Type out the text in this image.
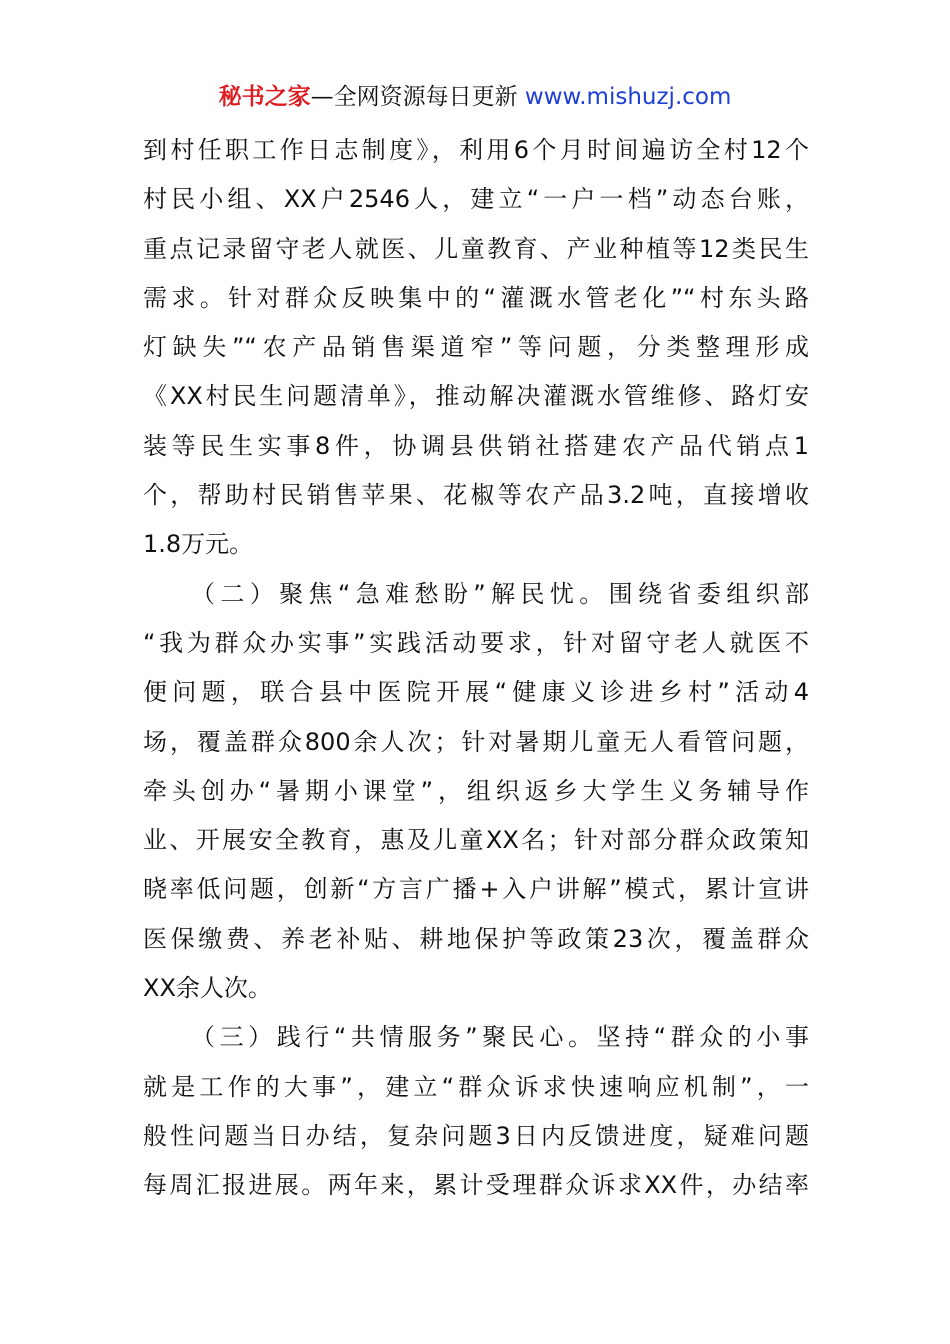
秘书之家—全网资源每日更新 www.mishuzj.com
到村任职工作日志制度》，利用6个月时间遍访全村12个
村民小组、XX户2546人，建立“一户一档”动态台账，
重点记录留守老人就医、儿童教育、产业种植等12类民生
需求。针对群众反映集中的“灌溉水管老化”“村东头路
灯缺失”“农产品销售渠道窄”等问题，分类整理形成
《XX村民生问题清单》，推动解决灌溉水管维修、路灯安
装等民生实事8件，协调县供销社搭建农产品代销点1
个，帮助村民销售苹果、花椒等农产品3.2吨，直接增收
1.8万元。
（二）聚焦“急难愁盼”解民忧。围绕省委组织部
“我为群众办实事”实践活动要求，针对留守老人就医不
便问题，联合县中医院开展“健康义诊进乡村”活动4
场，覆盖群众800余人次；针对暑期儿童无人看管问题，
牵头创办“暑期小课堂”，组织返乡大学生义务辅导作
业、开展安全教育，惠及儿童XX名；针对部分群众政策知
晓率低问题，创新“方言广播+入户讲解”模式，累计宣讲
医保缴费、养老补贴、耕地保护等政策23次，覆盖群众
XX余人次。
（三）践行“共情服务”聚民心。坚持“群众的小事
就是工作的大事”，建立“群众诉求快速响应机制”，一
般性问题当日办结，复杂问题3日内反馈进度，疑难问题
每周汇报进展。两年来，累计受理群众诉求XX件，办结率
